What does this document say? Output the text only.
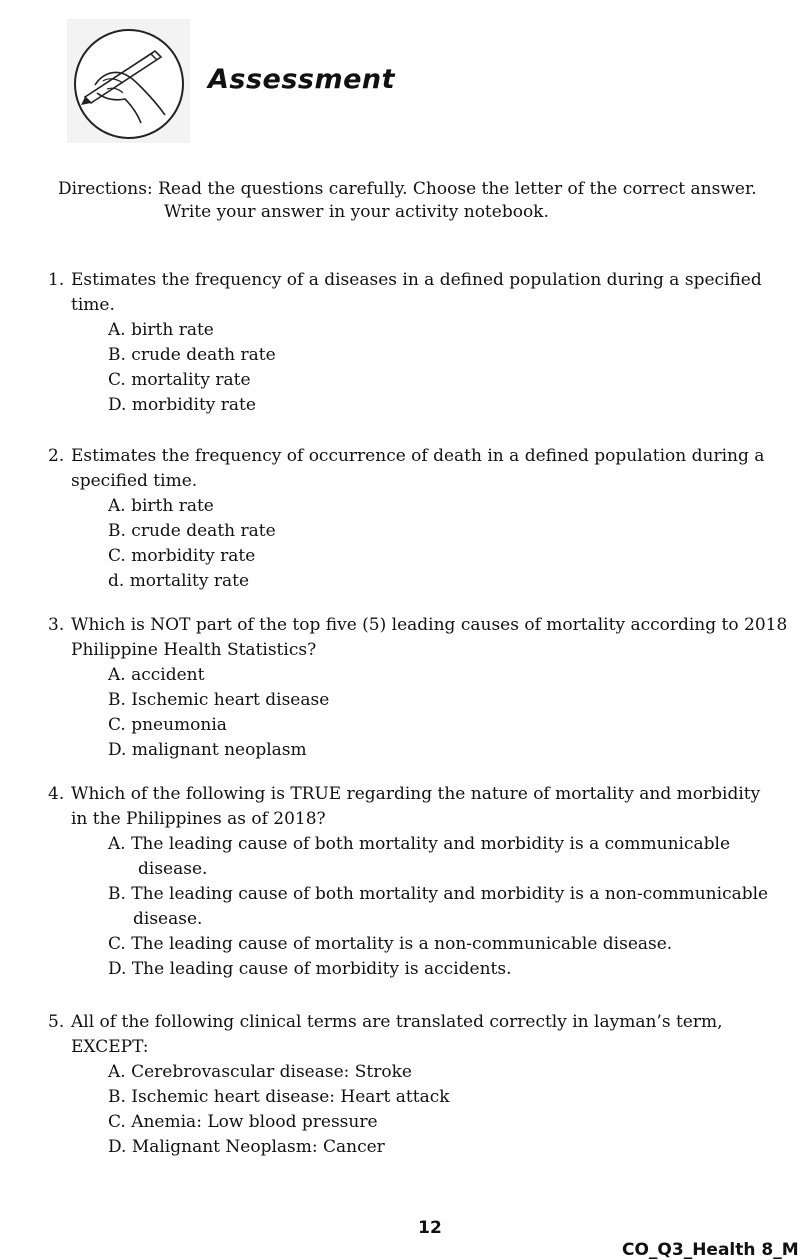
Assessment
Directions: Read the questions carefully. Choose the letter of the correct answer.
Write your answer in your activity notebook.
1. Estimates the frequency of a diseases in a defined population during a specified
time.
A. birth rate
B. crude death rate
C. mortality rate
D. morbidity rate
2. Estimates the frequency of occurrence of death in a defined population during a
specified time.
A. birth rate
B. crude death rate
C. morbidity rate
d. mortality rate
3. Which is NOT part of the top five (5) leading causes of mortality according to 2018
Philippine Health Statistics?
A. accident
B. Ischemic heart disease
C. pneumonia
D. malignant neoplasm
4. Which of the following is TRUE regarding the nature of mortality and morbidity
in the Philippines as of 2018?
A. The leading cause of both mortality and morbidity is a communicable
disease.
B. The leading cause of both mortality and morbidity is a non-communicable
disease.
C. The leading cause of mortality is a non-communicable disease.
D. The leading cause of morbidity is accidents.
5. All of the following clinical terms are translated correctly in layman’s term,
EXCEPT:
A. Cerebrovascular disease: Stroke
B. Ischemic heart disease: Heart attack
C. Anemia: Low blood pressure
D. Malignant Neoplasm: Cancer
12
CO_Q3_Health 8_M
